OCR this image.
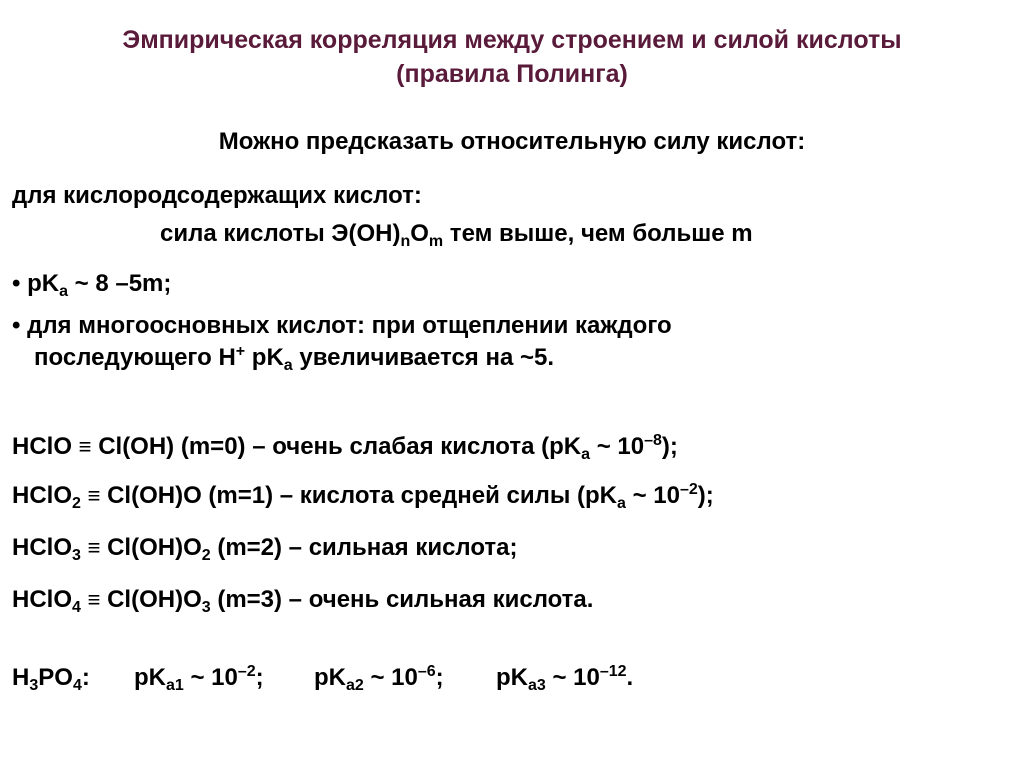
Эмпирическая корреляция между строением и силой кислоты
(правила Полинга)
Можно предсказать относительную силу кислот:
для кислородсодержащих кислот:
сила кислоты $Э(OH)_nO_m$ тем выше, чем больше m
• $pK_a$ ~ 8 –5m;
• для многоосновных кислот: при отщеплении каждого
последующего H+ $pK_a$ увеличивается на ~5.
HClO ≡ Cl(OH) (m=0) – очень слабая кислота ($pK_a$ ~ $10^{-8}$);
HClO$_2$ ≡ Cl(OH)O (m=1) – кислота средней силы ($pK_a$ ~ $10^{-2}$);
HClO$_3$ ≡ $Cl(OH)O_2$ (m=2) – сильная кислота;
HClO$_4$ ≡ $Cl(OH)O_3$ (m=3) – очень сильная кислота.
$H_3PO_4$: $pK_{a1}$ ~ $10^{-2}$; $pK_{a2}$ ~ $10^{-6}$; $pK_{a3}$ ~ $10^{-12}$.
